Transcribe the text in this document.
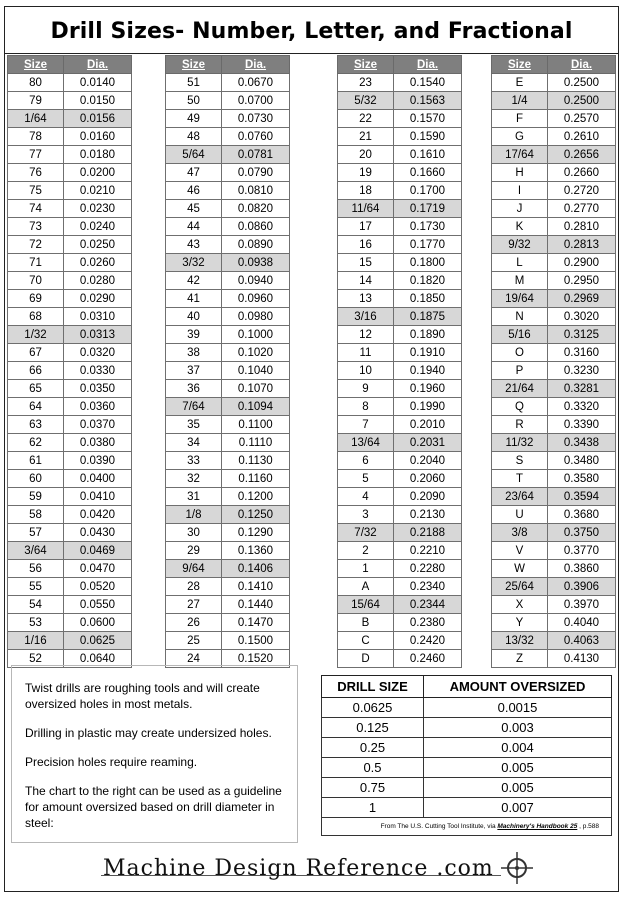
Drill Sizes- Number, Letter, and Fractional
Size	Dia.
80	0.0140
79	0.0150
1/64	0.0156
78	0.0160
77	0.0180
76	0.0200
75	0.0210
74	0.0230
73	0.0240
72	0.0250
71	0.0260
70	0.0280
69	0.0290
68	0.0310
1/32	0.0313
67	0.0320
66	0.0330
65	0.0350
64	0.0360
63	0.0370
62	0.0380
61	0.0390
60	0.0400
59	0.0410
58	0.0420
57	0.0430
3/64	0.0469
56	0.0470
55	0.0520
54	0.0550
53	0.0600
1/16	0.0625
52	0.0640
Size	Dia.
51	0.0670
50	0.0700
49	0.0730
48	0.0760
5/64	0.0781
47	0.0790
46	0.0810
45	0.0820
44	0.0860
43	0.0890
3/32	0.0938
42	0.0940
41	0.0960
40	0.0980
39	0.1000
38	0.1020
37	0.1040
36	0.1070
7/64	0.1094
35	0.1100
34	0.1110
33	0.1130
32	0.1160
31	0.1200
1/8	0.1250
30	0.1290
29	0.1360
9/64	0.1406
28	0.1410
27	0.1440
26	0.1470
25	0.1500
24	0.1520
Size	Dia.
23	0.1540
5/32	0.1563
22	0.1570
21	0.1590
20	0.1610
19	0.1660
18	0.1700
11/64	0.1719
17	0.1730
16	0.1770
15	0.1800
14	0.1820
13	0.1850
3/16	0.1875
12	0.1890
11	0.1910
10	0.1940
9	0.1960
8	0.1990
7	0.2010
13/64	0.2031
6	0.2040
5	0.2060
4	0.2090
3	0.2130
7/32	0.2188
2	0.2210
1	0.2280
A	0.2340
15/64	0.2344
B	0.2380
C	0.2420
D	0.2460
Size	Dia.
E	0.2500
1/4	0.2500
F	0.2570
G	0.2610
17/64	0.2656
H	0.2660
I	0.2720
J	0.2770
K	0.2810
9/32	0.2813
L	0.2900
M	0.2950
19/64	0.2969
N	0.3020
5/16	0.3125
O	0.3160
P	0.3230
21/64	0.3281
Q	0.3320
R	0.3390
11/32	0.3438
S	0.3480
T	0.3580
23/64	0.3594
U	0.3680
3/8	0.3750
V	0.3770
W	0.3860
25/64	0.3906
X	0.3970
Y	0.4040
13/32	0.4063
Z	0.4130

Twist drills are roughing tools and will create oversized holes in most metals.

Drilling in plastic may create undersized holes.

Precision holes require reaming.

The chart to the right can be used as a guideline for amount oversized based on drill diameter in steel:

DRILL SIZE	AMOUNT OVERSIZED
0.0625	0.0015
0.125	0.003
0.25	0.004
0.5	0.005
0.75	0.005
1	0.007
From The U.S. Cutting Tool Institute, via Machinery's Handbook 25 , p.588	
Machine Design Reference .com
